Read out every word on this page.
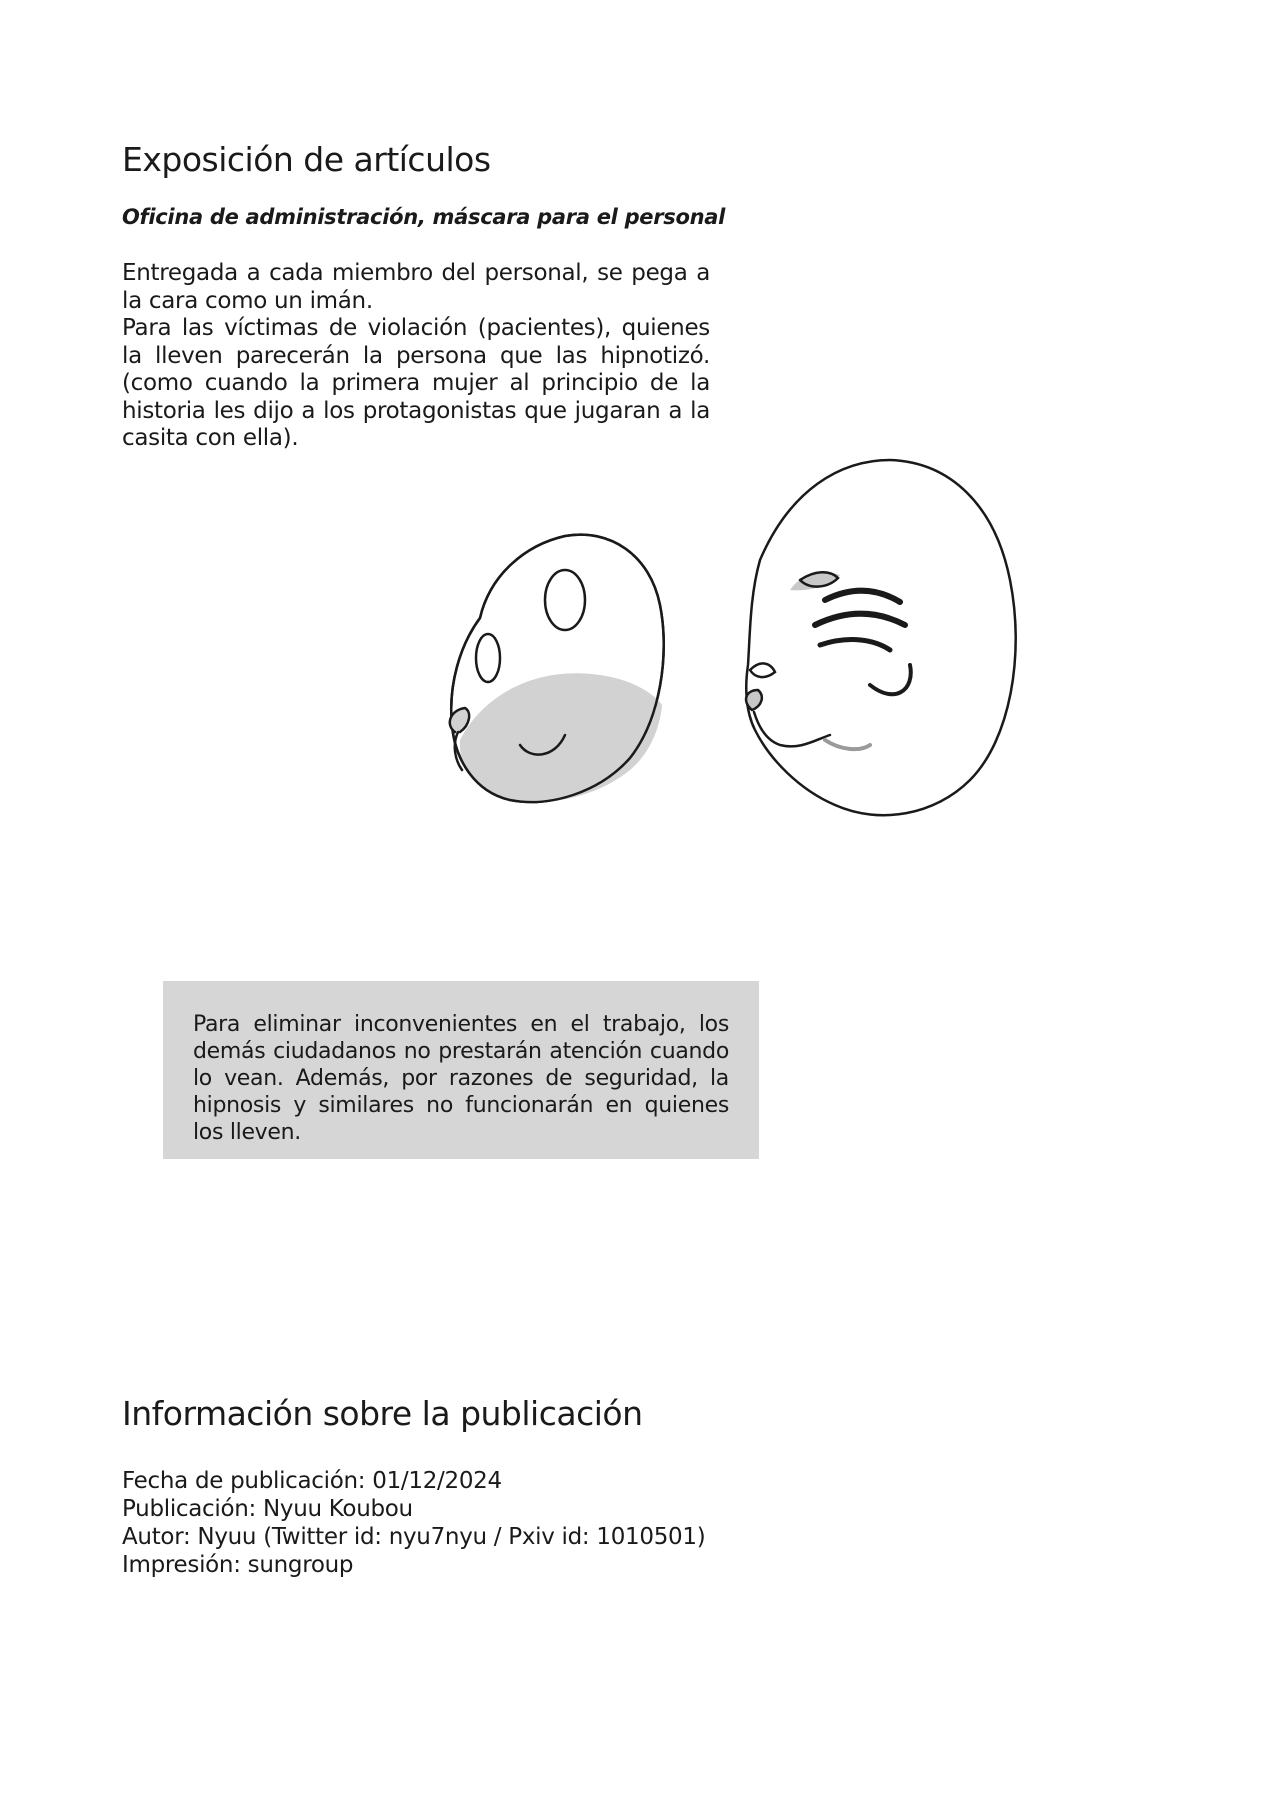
Exposición de artículos
Oficina de administración, máscara para el personal

Entregada a cada miembro del personal, se pega a la cara como un imán.

Para las víctimas de violación (pacientes), quienes la lleven parecerán la persona que las hipnotizó. (como cuando la primera mujer al principio de la historia les dijo a los protagonistas que jugaran a la casita con ella).

Para eliminar inconvenientes en el trabajo, los demás ciudadanos no prestarán atención cuando lo vean. Además, por razones de seguridad, la hipnosis y similares no funcionarán en quienes los lleven.
Información sobre la publicación
Fecha de publicación: 01/12/2024
Publicación: Nyuu Koubou
Autor: Nyuu (Twitter id: nyu7nyu / Pxiv id: 1010501)
Impresión: sungroup
